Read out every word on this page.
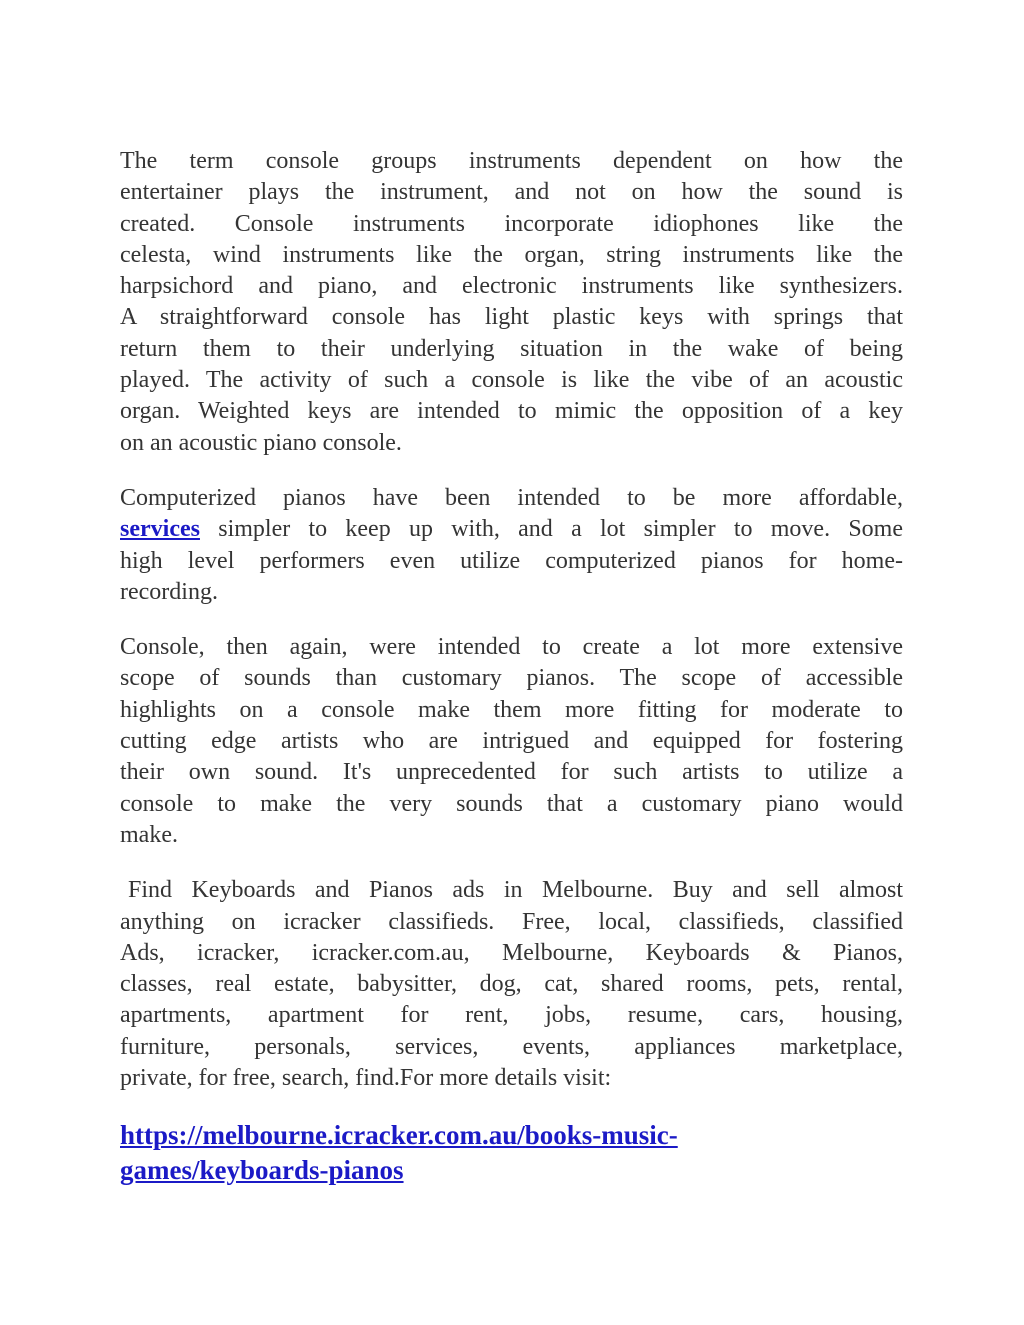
The term console groups instruments dependent on how the
entertainer plays the instrument, and not on how the sound is
created. Console instruments incorporate idiophones like the
celesta, wind instruments like the organ, string instruments like the
harpsichord and piano, and electronic instruments like synthesizers.
A straightforward console has light plastic keys with springs that
return them to their underlying situation in the wake of being
played. The activity of such a console is like the vibe of an acoustic
organ. Weighted keys are intended to mimic the opposition of a key
on an acoustic piano console.

Computerized pianos have been intended to be more affordable,
services simpler to keep up with, and a lot simpler to move. Some
high level performers even utilize computerized pianos for home-
recording.

Console, then again, were intended to create a lot more extensive
scope of sounds than customary pianos. The scope of accessible
highlights on a console make them more fitting for moderate to
cutting edge artists who are intrigued and equipped for fostering
their own sound. It's unprecedented for such artists to utilize a
console to make the very sounds that a customary piano would
make.

Find Keyboards and Pianos ads in Melbourne. Buy and sell almost
anything on icracker classifieds. Free, local, classifieds, classified
Ads, icracker, icracker.com.au, Melbourne, Keyboards & Pianos,
classes, real estate, babysitter, dog, cat, shared rooms, pets, rental,
apartments, apartment for rent, jobs, resume, cars, housing,
furniture, personals, services, events, appliances marketplace,
private, for free, search, find.For more details visit:

https://melbourne.icracker.com.au/books-music-
games/keyboards-pianos
